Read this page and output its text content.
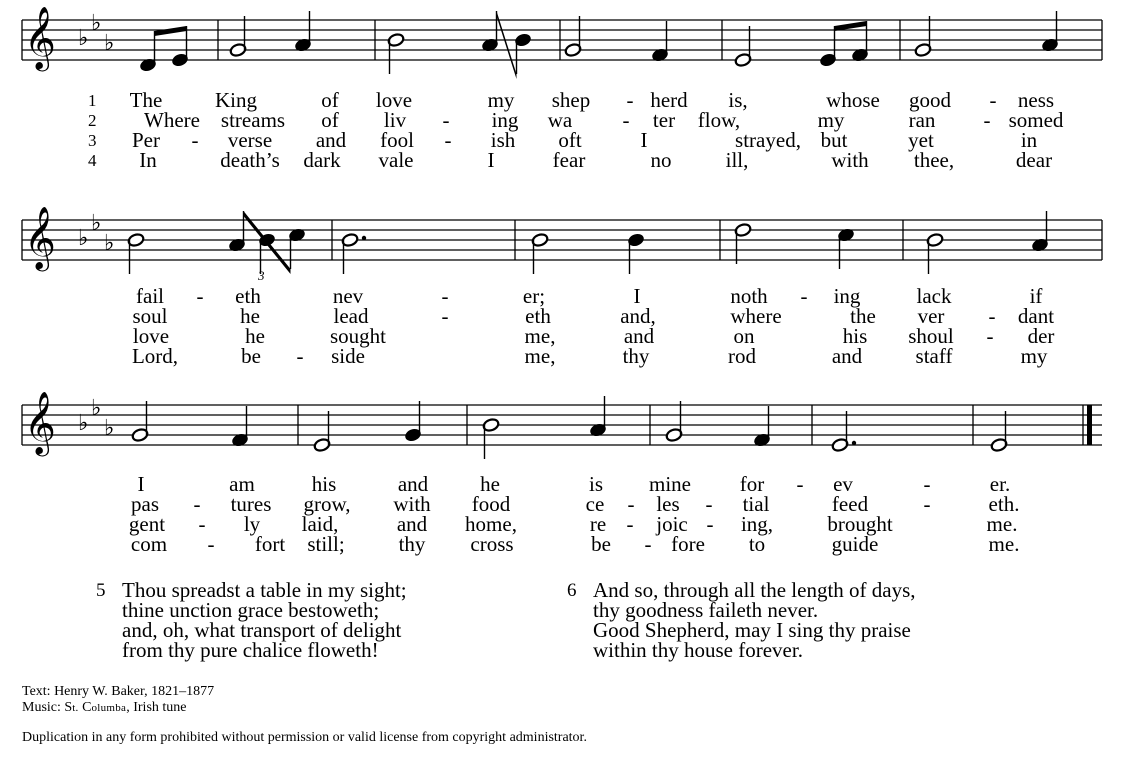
𝄞 ♭
♭
♭
𝄞 ♭
♭
♭
3
𝄞 ♭
♭
♭
1
2
3
4
The	King	of love	my shep - herd is,	whose good - ness
Where streams of liv - ing wa - ter flow,	my	ran - somed
Per - verse and fool - ish oft	I	strayed, but	yet	in
In	death’s dark vale	I	fear	no	ill,	with thee,	dear
fail - eth	nev	-	er;	I	noth - ing	lack	if
soul	he	lead	-	eth	and,	where	the ver - dant
love	he	sought	me,	and	on	his shoul - der
Lord,	be - side	me,	thy	rod	and	staff	my
I	am	his	and he	is mine for - ev	-	er.
pas - tures grow, with food	ce - les - tial	feed	-	eth.
gent - ly laid,	and home,	re - joic - ing,	brought	me.
com - fort still;	thy cross	be - fore to	guide	me.
5 Thou spreadst a table in my sight;
thine unction grace bestoweth;
and, oh, what transport of delight
from thy pure chalice floweth!
6 And so, through all the length of days,
thy goodness faileth never.
Good Shepherd, may I sing thy praise
within thy house forever.
Text: Henry W. Baker, 1821–1877
Music: St. Columba, Irish tune
Duplication in any form prohibited without permission or valid license from copyright administrator.
